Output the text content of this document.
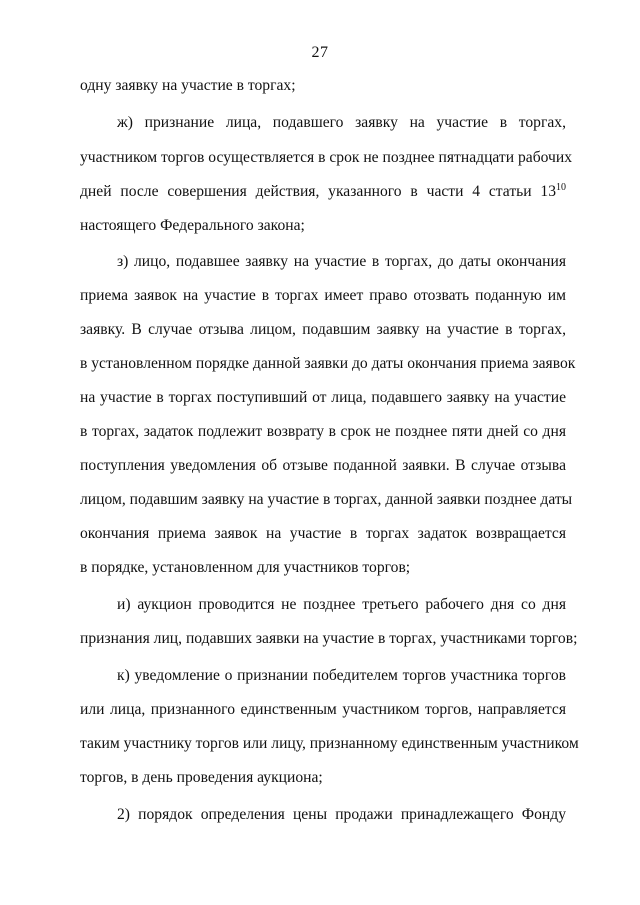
27
одну заявку на участие в торгах;
ж) признание лица, подавшего заявку на участие в торгах,
участником торгов осуществляется в срок не позднее пятнадцати рабочих
дней после совершения действия, указанного в части 4 статьи $13^{10}$
настоящего Федерального закона;
з) лицо, подавшее заявку на участие в торгах, до даты окончания
приема заявок на участие в торгах имеет право отозвать поданную им
заявку. В случае отзыва лицом, подавшим заявку на участие в торгах,
в установленном порядке данной заявки до даты окончания приема заявок
на участие в торгах поступивший от лица, подавшего заявку на участие
в торгах, задаток подлежит возврату в срок не позднее пяти дней со дня
поступления уведомления об отзыве поданной заявки. В случае отзыва
лицом, подавшим заявку на участие в торгах, данной заявки позднее даты
окончания приема заявок на участие в торгах задаток возвращается
в порядке, установленном для участников торгов;
и) аукцион проводится не позднее третьего рабочего дня со дня
признания лиц, подавших заявки на участие в торгах, участниками торгов;
к) уведомление о признании победителем торгов участника торгов
или лица, признанного единственным участником торгов, направляется
таким участнику торгов или лицу, признанному единственным участником
торгов, в день проведения аукциона;
2) порядок определения цены продажи принадлежащего Фонду
